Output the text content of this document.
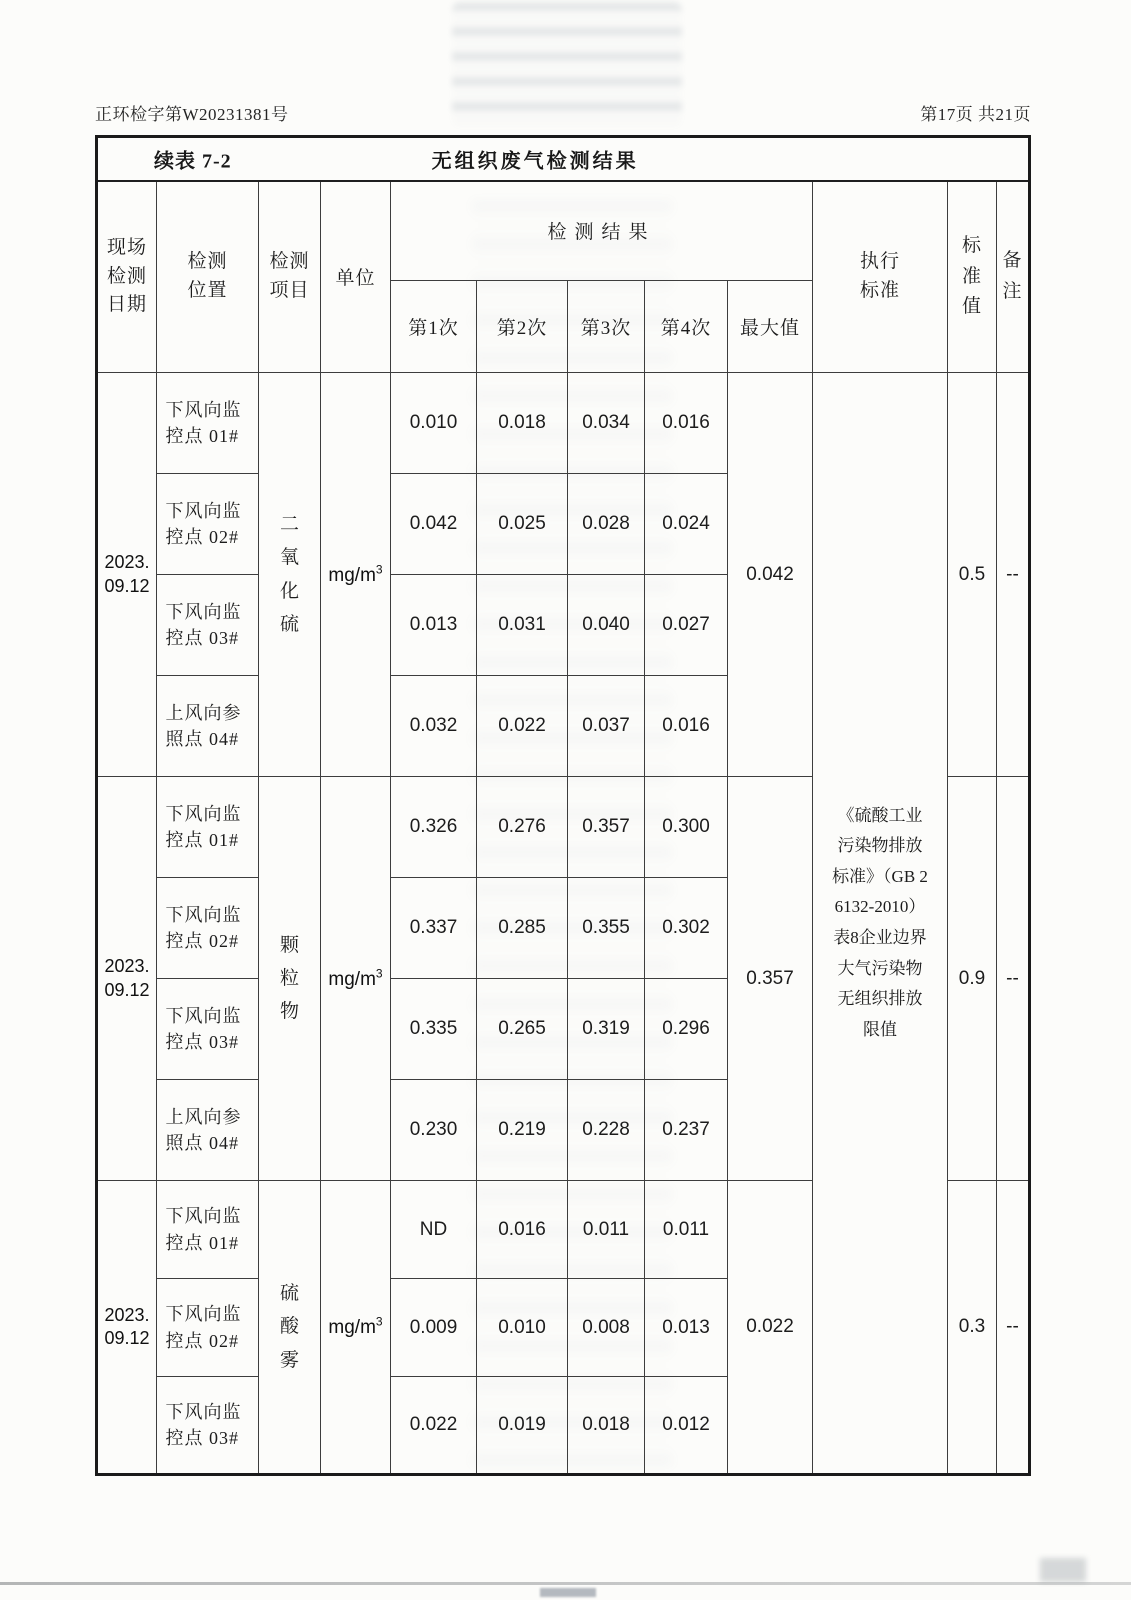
正环检字第W20231381号	第17页 共21页
续表 7-2 无组织废气检测结果											

现场检测日期	检测位置	检测项目	单位	检测结果					执行标准	标准值	备注

				第1次	第2次	第3次	第4次	最大值			

2023.
09.12	下风向监控点 01#	二氧化硫	$mg/m^3$	0.010	0.018	0.034	0.016	0.042	《硫酸工业污染物排放标准》（GB 26132-2010）表8企业边界大气污染物无组织排放限值	0.5	--

	下风向监控点 02#			0.042	0.025	0.028	0.024				

	下风向监控点 03#			0.013	0.031	0.040	0.027				

	上风向参照点 04#			0.032	0.022	0.037	0.016				

2023.
09.12	下风向监控点 01#	颗粒物	$mg/m^3$	0.326	0.276	0.357	0.300	0.357		0.9	--

	下风向监控点 02#			0.337	0.285	0.355	0.302				

	下风向监控点 03#			0.335	0.265	0.319	0.296				

	上风向参照点 04#			0.230	0.219	0.228	0.237				

2023.
09.12	下风向监控点 01#	硫酸雾	$mg/m^3$	ND	0.016	0.011	0.011	0.022		0.3	--

	下风向监控点 02#			0.009	0.010	0.008	0.013				

	下风向监控点 03#			0.022	0.019	0.018	0.012				
